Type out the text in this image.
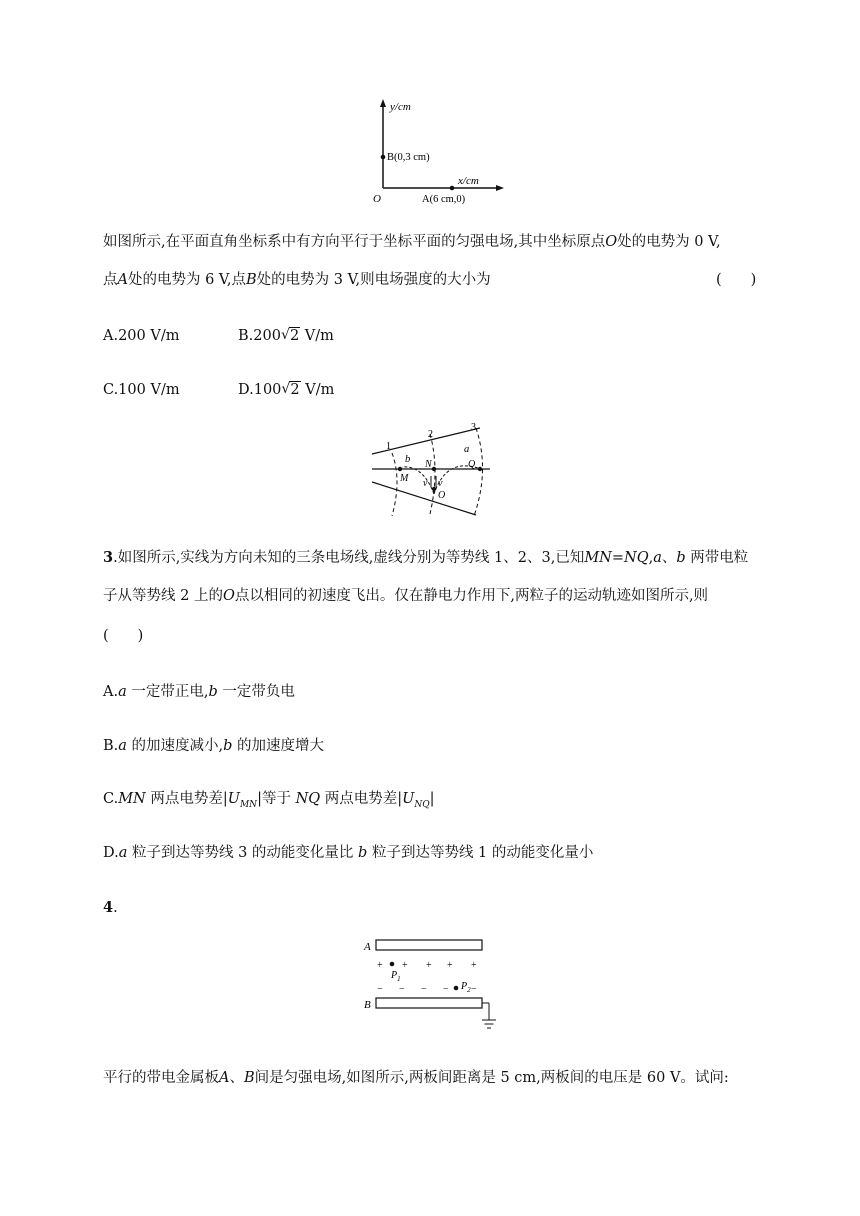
y/cm
x/cm
O
B(0,3 cm)
A(6 cm,0)
如图所示,在平面直角坐标系中有方向平行于坐标平面的匀强电场,其中坐标原点O处的电势为 0 V,
点A处的电势为 6 V,点B处的电势为 3 V,则电场强度的大小为	(　　)
A.200 V/m	B.200 √ 2 V/m
C.100 V/m	D.100 √ 2 V/m
1
2
3
a
b N
M
Q
O
v v
3.如图所示,实线为方向未知的三条电场线,虚线分别为等势线 1、2、3,已知MN=NQ,a、b 两带电粒
子从等势线 2 上的O点以相同的初速度飞出。仅在静电力作用下,两粒子的运动轨迹如图所示,则
(　　)
A.a 一定带正电,b 一定带负电
B.a 的加速度减小,b 的加速度增大
C.MN 两点电势差$|U_{MN}|$等于 NQ 两点电势差$|U_{NQ}|$
D.a 粒子到达等势线 3 的动能变化量比 b 粒子到达等势线 1 的动能变化量小
4.
A
B
+ + + + +
− − − − −
$P_1$
$P_2$
平行的带电金属板A、B间是匀强电场,如图所示,两板间距离是 5 cm,两板间的电压是 60 V。试问:
